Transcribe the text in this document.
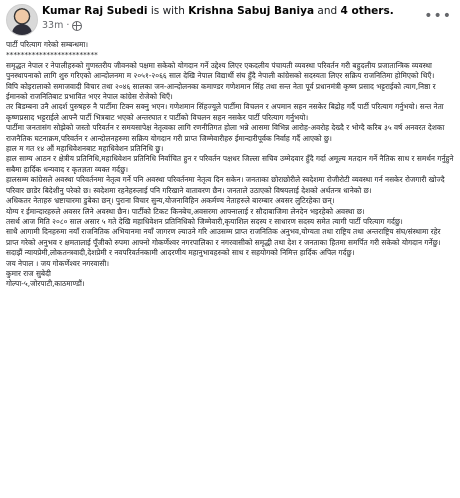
Kumar Raj Subedi is with Krishna Sabuj Baniya and 4 others.
33m ·
•••

पार्टी परित्याग गरेको सम्बन्धमा।

*************************

समृद्धत नेपाल र नेपालीहरुको गुणस्तरीय जीवनको पक्षमा सकेको योगदान गर्ने उद्देश्य लिएर एकदलीय पंचायती व्यवस्था परिवर्तन गरी बहुदलीय प्रजातान्त्रिक व्यवस्था पुनस्थापनाको लागि शुरु गरिएको आन्दोलनमा म २०५१-२०६६ साल देखि नेपाल विद्यार्थी संघ हुँदै नेपाली कांग्रेसको सदस्यता लिएर सक्रिय राजनितिमा होमिएको थिएँ।

विपि कोइरालाको समाजवादी विचार तथा २०४६ सालका जन-आन्दोलनका कमाण्डर गणेशमान सिंह तथा सन्त नेता पूर्व प्रधानमंत्री कृष्ण प्रसाद भट्टराईको त्याग,निष्ठा र ईमानको राजनितिबाट प्रभावित भएर नेपाल कांग्रेस रोजेको थिएँ।

तर बिडम्बना उनै आदर्श पुरुषहरु नै पार्टीमा टिक्न सक्नु भएन। गणेशमान सिंहज्यूले पार्टीमा विचलन र अपमान सहन नसकेर बिद्रोह गर्दै पार्टी परित्याग गर्नुभयो। सन्त नेता कृष्णप्रसाद भट्टराईले आफ्नै पार्टी भित्रबाट भएको अन्तरघात र पार्टीको विचलन सहन नसकेर पार्टी परित्याग गर्नुभयो।

पार्टीमा जनतासंग सोझेको जस्तो परिवर्तन र समयसापेक्ष नेतृत्वका लागि रणनीतिगत होला भन्ने आसमा विभिन्न आरोह-अवरोह देख्दै र भोग्दै करिब ३५ वर्ष अनवरत देशका राजनैतिक घटनाक्रम,परिवर्तन र आन्दोलनहरुमा सक्रिय योगदान गरी प्राप्त जिम्मेवारीहरु ईमान्दारीपूर्वक निर्वाह गर्दै आएको छु।

हाल म गत १४ औं महाधिवेशनबाट महाधिवेशन प्रतिनिधि छु।

हाल साम्य आठन र क्षेत्रीय प्रतिनिधि,महाधिवेशन प्रतिनिधि निर्वाचित हुन र परिवर्तन पक्षधर जिल्ला सचिव उम्मेदवार हुँदै गर्दा अमूल्य मतदान गर्ने नैतिक साथ र समर्थन गर्नुहुने सबैमा हार्दिक धन्यवाद र कृतज्ञता व्यक्त गर्दछु।

हालसम्म कांग्रेसले अवस्था परिवर्तनमा नेतृत्व गर्ने पनि अवस्था परिवर्तनमा नेतृत्व दिन सकेन। जनताका छोराछोरीले स्वदेशमा रोजीरोटी व्यवस्था गर्न नसकेर रोजगारी खोज्दै परिवार छाडेर बिदेशीनु परेको छ। स्वदेशमा रहनेहरुलाई पनि गरिखाने वातावरण छैन। जनताले उठाएको विषयलाई देशको अर्थतन्त्र धानेको छ।

अधिकतर नेताहरु भ्रष्टाचारमा डुबेका छन्। पुराना विचार सुन्य,योजनाविहिन अकर्मण्य नेताहरुले बारम्बार अवसर लुटिरहेका छन्।

योग्य र ईमान्दारहरुले अवसर लिने अवस्था छैन। पार्टीको टिकट किनबेच,अवसरमा आफ्नालाई र सौदाबाजिमा लेनदेन भइरहेको अवस्था छ।

तसर्थ आज मिति २०८० साल असार ५ गते देखि महाधिवेशन प्रतिनिधिको जिम्मेवारी,कृयाशिल सदस्य र साधारण सदस्य समेत त्यागी पार्टी परित्याग गर्दछु।

साथै आगामी दिनहरुमा नयाँ राजनितिक अभियानमा नयाँ जागरण ल्याउने गरि आउसम्म प्राप्त राजनितिक अनुभव,योग्यता तथा राष्ट्रिय तथा अन्तराष्ट्रिय संघ/संस्थामा रहेर प्राप्त गरेको अनुभव र क्षमतालाई पूँजीको रुपमा आफ्नो गोकर्णेश्वर नगरपालिका र नगरवासीको समृद्धी तथा देश र जनताका हितमा समर्पित गरी सकेको योगदान गर्नेछु।

सदाझैं न्यायप्रेमी,लोकतन्त्रवादी,देशप्रेमी र नवपरिवर्तनकामी आदरणीय महानुभावहरुको साथ र सहयोगको निमित्त हार्दिक अपिल गर्दछु।

जय नेपाल । जय गोकर्णेश्वर नगरवासी।

कुमार राज सुबेदी

गोल्पा-५,जोरपाटी,काठमाण्डौं।
